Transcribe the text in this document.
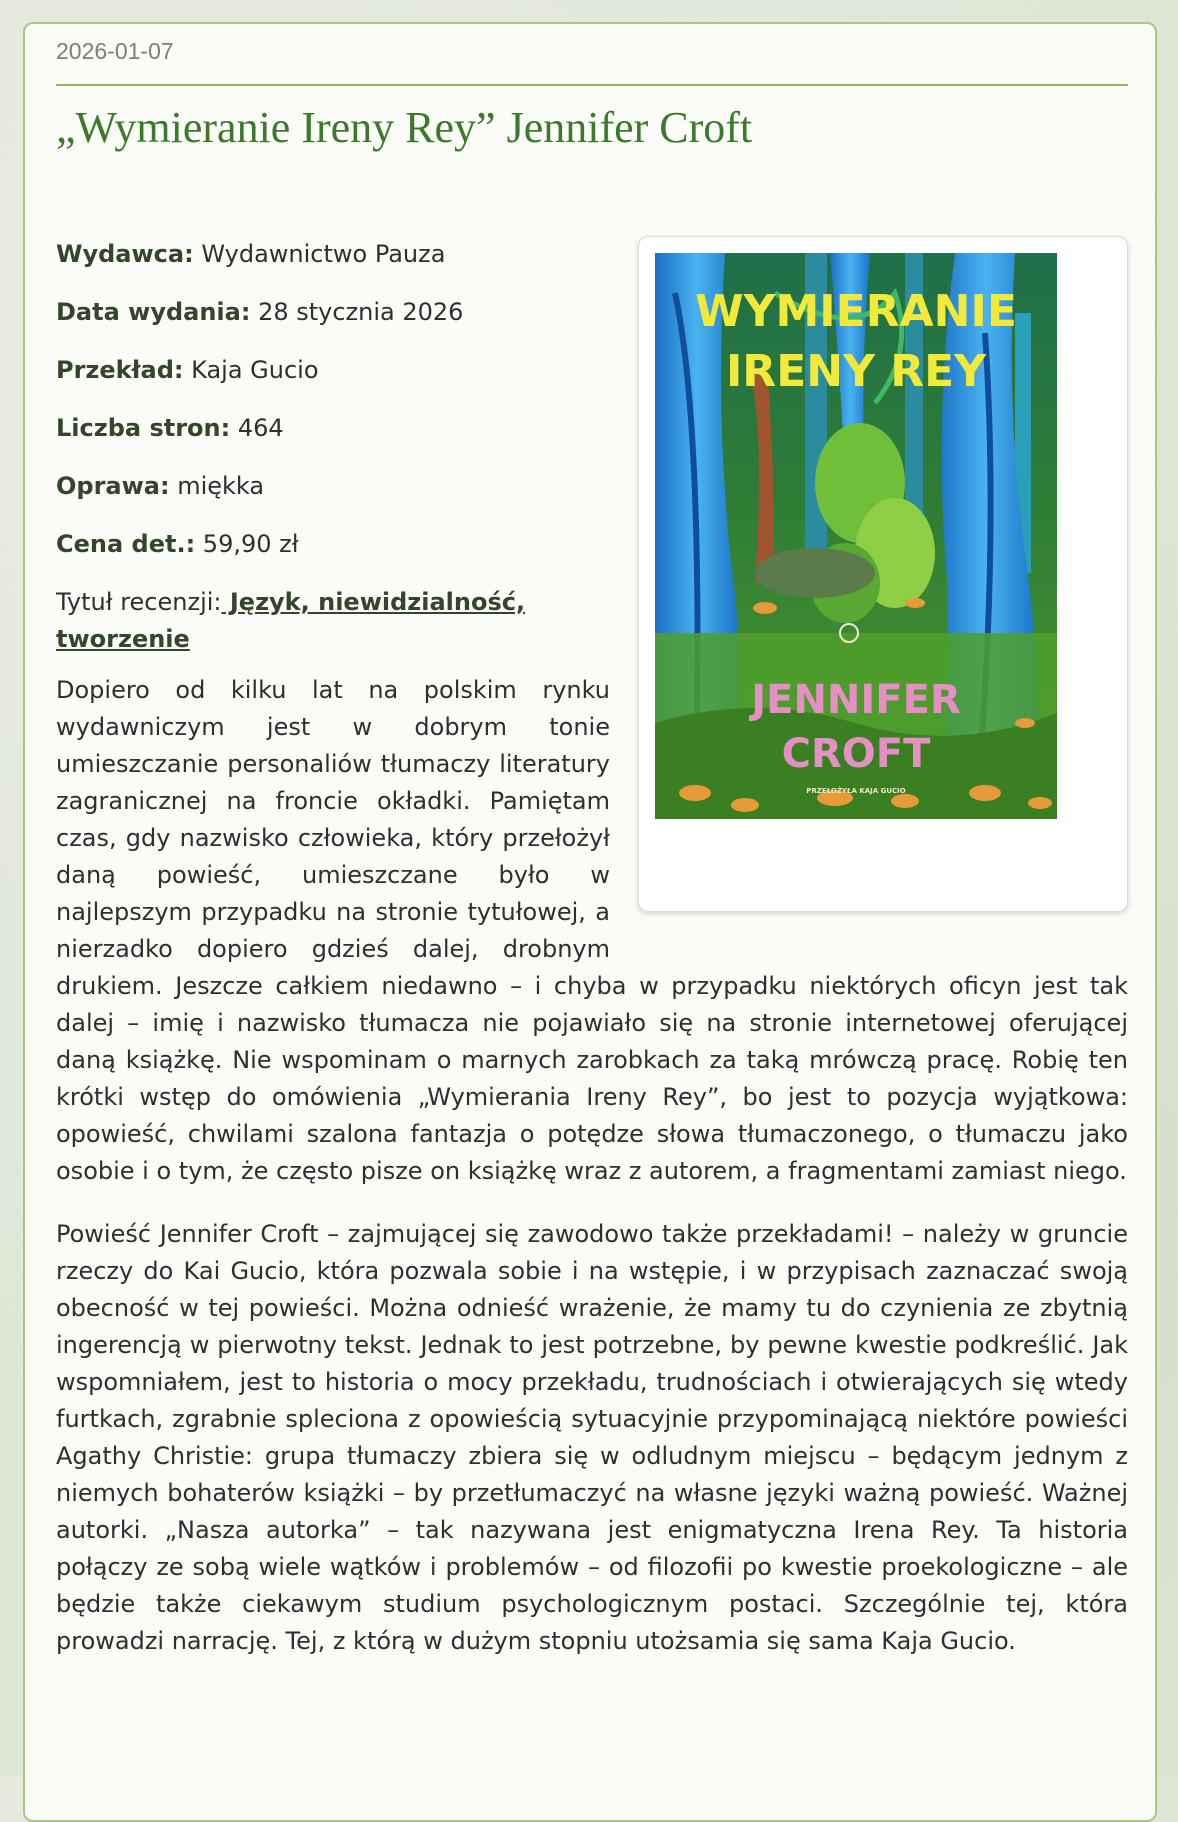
2026-01-07
„Wymieranie Ireny Rey” Jennifer Croft
WYMIERANIE
IRENY REY
JENNIFER
CROFT
PRZEŁOŻYŁA KAJA GUCIO
Wydawca: Wydawnictwo Pauza
Data wydania: 28 stycznia 2026
Przekład: Kaja Gucio
Liczba stron: 464
Oprawa: miękka
Cena det.: 59,90 zł
Tytuł recenzji: Język, niewidzialność, tworzenie

Dopiero od kilku lat na polskim rynku wydawniczym jest w dobrym tonie umieszczanie personaliów tłumaczy literatury zagranicznej na froncie okładki. Pamiętam czas, gdy nazwisko człowieka, który przełożył daną powieść, umieszczane było w najlepszym przypadku na stronie tytułowej, a nierzadko dopiero gdzieś dalej, drobnym drukiem. Jeszcze całkiem niedawno – i chyba w przypadku niektórych oficyn jest tak dalej – imię i nazwisko tłumacza nie pojawiało się na stronie internetowej oferującej daną książkę. Nie wspominam o marnych zarobkach za taką mrówczą pracę. Robię ten krótki wstęp do omówienia „Wymierania Ireny Rey”, bo jest to pozycja wyjątkowa: opowieść, chwilami szalona fantazja o potędze słowa tłumaczonego, o tłumaczu jako osobie i o tym, że często pisze on książkę wraz z autorem, a fragmentami zamiast niego.

Powieść Jennifer Croft – zajmującej się zawodowo także przekładami! – należy w gruncie rzeczy do Kai Gucio, która pozwala sobie i na wstępie, i w przypisach zaznaczać swoją obecność w tej powieści. Można odnieść wrażenie, że mamy tu do czynienia ze zbytnią ingerencją w pierwotny tekst. Jednak to jest potrzebne, by pewne kwestie podkreślić. Jak wspomniałem, jest to historia o mocy przekładu, trudnościach i otwierających się wtedy furtkach, zgrabnie spleciona z opowieścią sytuacyjnie przypominającą niektóre powieści Agathy Christie: grupa tłumaczy zbiera się w odludnym miejscu – będącym jednym z niemych bohaterów książki – by przetłumaczyć na własne języki ważną powieść. Ważnej autorki. „Nasza autorka” – tak nazywana jest enigmatyczna Irena Rey. Ta historia połączy ze sobą wiele wątków i problemów – od filozofii po kwestie proekologiczne – ale będzie także ciekawym studium psychologicznym postaci. Szczególnie tej, która prowadzi narrację. Tej, z którą w dużym stopniu utożsamia się sama Kaja Gucio.
